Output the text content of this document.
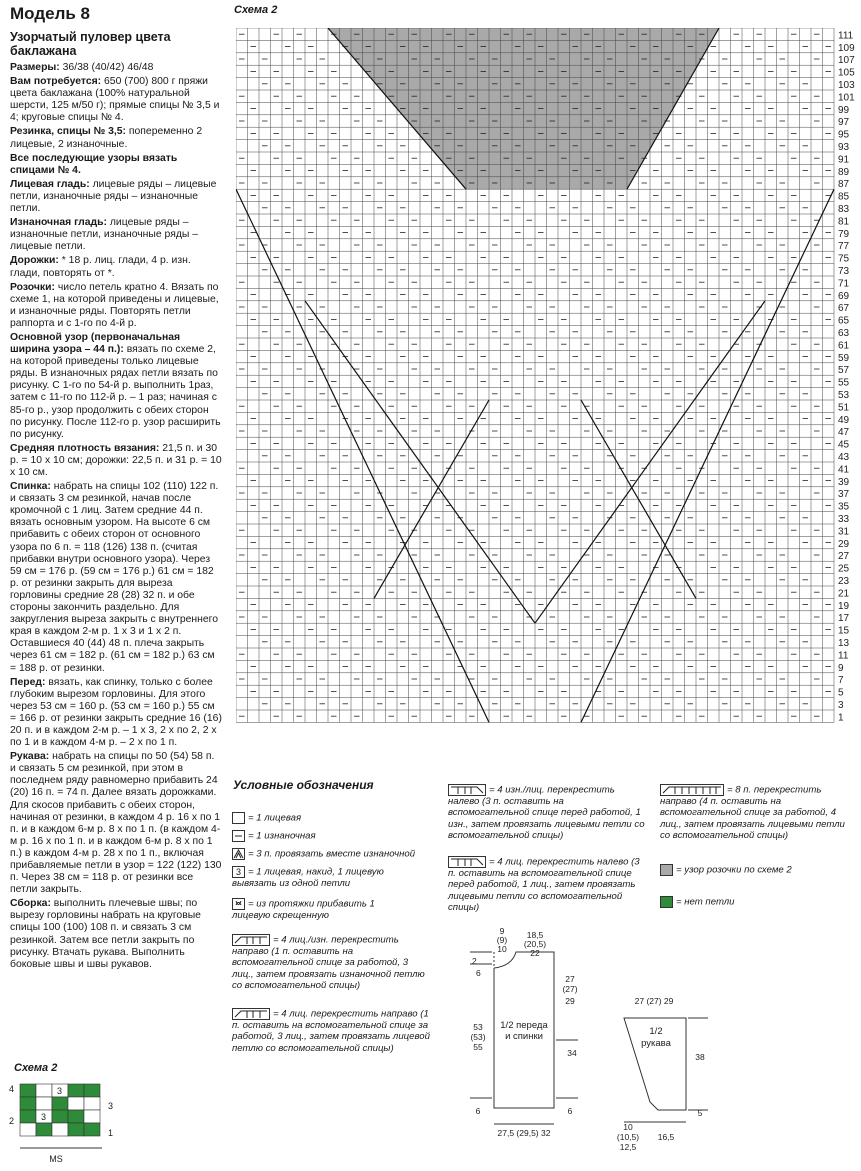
Модель 8
Узорчатый пуловер цвета баклажана

Размеры: 36/38 (40/42) 46/48

Вам потребуется: 650 (700) 800 г пряжи цвета баклажана (100% натуральной шерсти, 125 м/50 г); прямые спицы № 3,5 и 4; круговые спицы № 4.

Резинка, спицы № 3,5: попеременно 2 лицевые, 2 изнаночные.

Все последующие узоры вязать спицами № 4.

Лицевая гладь: лицевые ряды – лицевые петли, изнаночные ряды – изнаночные петли.

Изнаночная гладь: лицевые ряды – изнаночные петли, изнаночные ряды – лицевые петли.

Дорожки: * 18 р. лиц. глади, 4 р. изн. глади, повторять от *.

Розочки: число петель кратно 4. Вязать по схеме 1, на которой приведены и лицевые, и изнаночные ряды. Повторять петли раппорта и с 1-го по 4-й р.

Основной узор (первоначальная ширина узора – 44 п.): вязать по схеме 2, на которой приведены только лицевые ряды. В изнаночных рядах петли вязать по рисунку. С 1-го по 54-й р. выполнить 1раз, затем с 11-го по 112-й р. – 1 раз; начиная с 85-го р., узор продолжить с обеих сторон по рисунку. После 112-го р. узор расширить по рисунку.

Средняя плотность вязания: 21,5 п. и 30 р. = 10 х 10 см; дорожки: 22,5 п. и 31 р. = 10 х 10 см.

Спинка: набрать на спицы 102 (110) 122 п. и связать 3 см резинкой, начав после кромочной с 1 лиц. Затем средние 44 п. вязать основным узором. На высоте 6 см прибавить с обеих сторон от основного узора по 6 п. = 118 (126) 138 п. (считая прибавки внутри основного узора). Через 59 см = 176 р. (59 см = 176 р.) 61 см = 182 р. от резинки закрыть для выреза горловины средние 28 (28) 32 п. и обе стороны закончить раздельно. Для закругления выреза закрыть с внутреннего края в каждом 2-м р. 1 х 3 и 1 х 2 п. Оставшиеся 40 (44) 48 п. плеча закрыть через 61 см = 182 р. (61 см = 182 р.) 63 см = 188 р. от резинки.

Перед: вязать, как спинку, только с более глубоким вырезом горловины. Для этого через 53 см = 160 р. (53 см = 160 р.) 55 см = 166 р. от резинки закрыть средние 16 (16) 20 п. и в каждом 2-м р. – 1 х 3, 2 х по 2, 2 х по 1 и в каждом 4-м р. – 2 х по 1 п.

Рукава: набрать на спицы по 50 (54) 58 п. и связать 5 см резинкой, при этом в последнем ряду равномерно прибавить 24 (20) 16 п. = 74 п. Далее вязать дорожками. Для скосов прибавить с обеих сторон, начиная от резинки, в каждом 4 р. 16 х по 1 п. и в каждом 6-м р. 8 х по 1 п. (в каждом 4-м р. 16 х по 1 п. и в каждом 6-м р. 8 х по 1 п.) в каждом 4-м р. 28 х по 1 п., включая прибавляемые петли в узор = 122 (122) 130 п. Через 38 см = 118 р. от резинки все петли закрыть.

Сборка: выполнить плечевые швы; по вырезу горловины набрать на круговые спицы 100 (100) 108 п. и связать 3 см резинкой. Затем все петли закрыть по рисунку. Втачать рукава. Выполнить боковые швы и швы рукавов.

Схема 2
111
109
107
105
103
101
99
97
95
93
91
89
87
85
83
81
79
77
75
73
71
69
67
65
63
61
59
57
55
53
51
49
47
45
43
41
39
37
35
33
31
29
27
25
23
21
19
17
15
13
11
9
7
5
3
1
Условные обозначения
= 1 лицевая
= 1 изнаночная
= 3 п. провязать вместе изнаночной
3 = 1 лицевая, накид, 1 лицевую вывязать из одной петли
= из протяжки прибавить 1 лицевую скрещенную
= 4 лиц./изн. перекрестить направо (1 п. оставить на вспомогательной спице за работой, 3 лиц., затем провязать изнаночной петлю со вспомогательной спицы)
= 4 лиц. перекрестить направо (1 п. оставить на вспомогательной спице за работой, 3 лиц., затем провязать лицевой петлю со вспомогательной спицы)
= 4 изн./лиц. перекрестить налево (3 п. оставить на вспомогательной спице перед работой, 1 изн., затем провязать лицевыми петли со вспомогательной спицы)
= 4 лиц. перекрестить налево (3 п. оставить на вспомогательной спице перед работой, 1 лиц., затем провязать лицевыми петли со вспомогательной спицы)
= 8 п. перекрестить направо (4 п. оставить на вспомогательной спице за работой, 4 лиц., затем провязать лицевыми петли со вспомогательной спицы)
= узор розочки по схеме 2
= нет петли
9
(9)
10
18,5
(20,5)
22
2
6
27
(27)
29
53
(53)
55
1/2 переда
и спинки
34
6	6
27,5 (29,5) 32
27 (27) 29
1/2
рукава
38
5
10
(10,5)
12,5
16,5
Схема 2
3
3
4
2
3
1
MS
